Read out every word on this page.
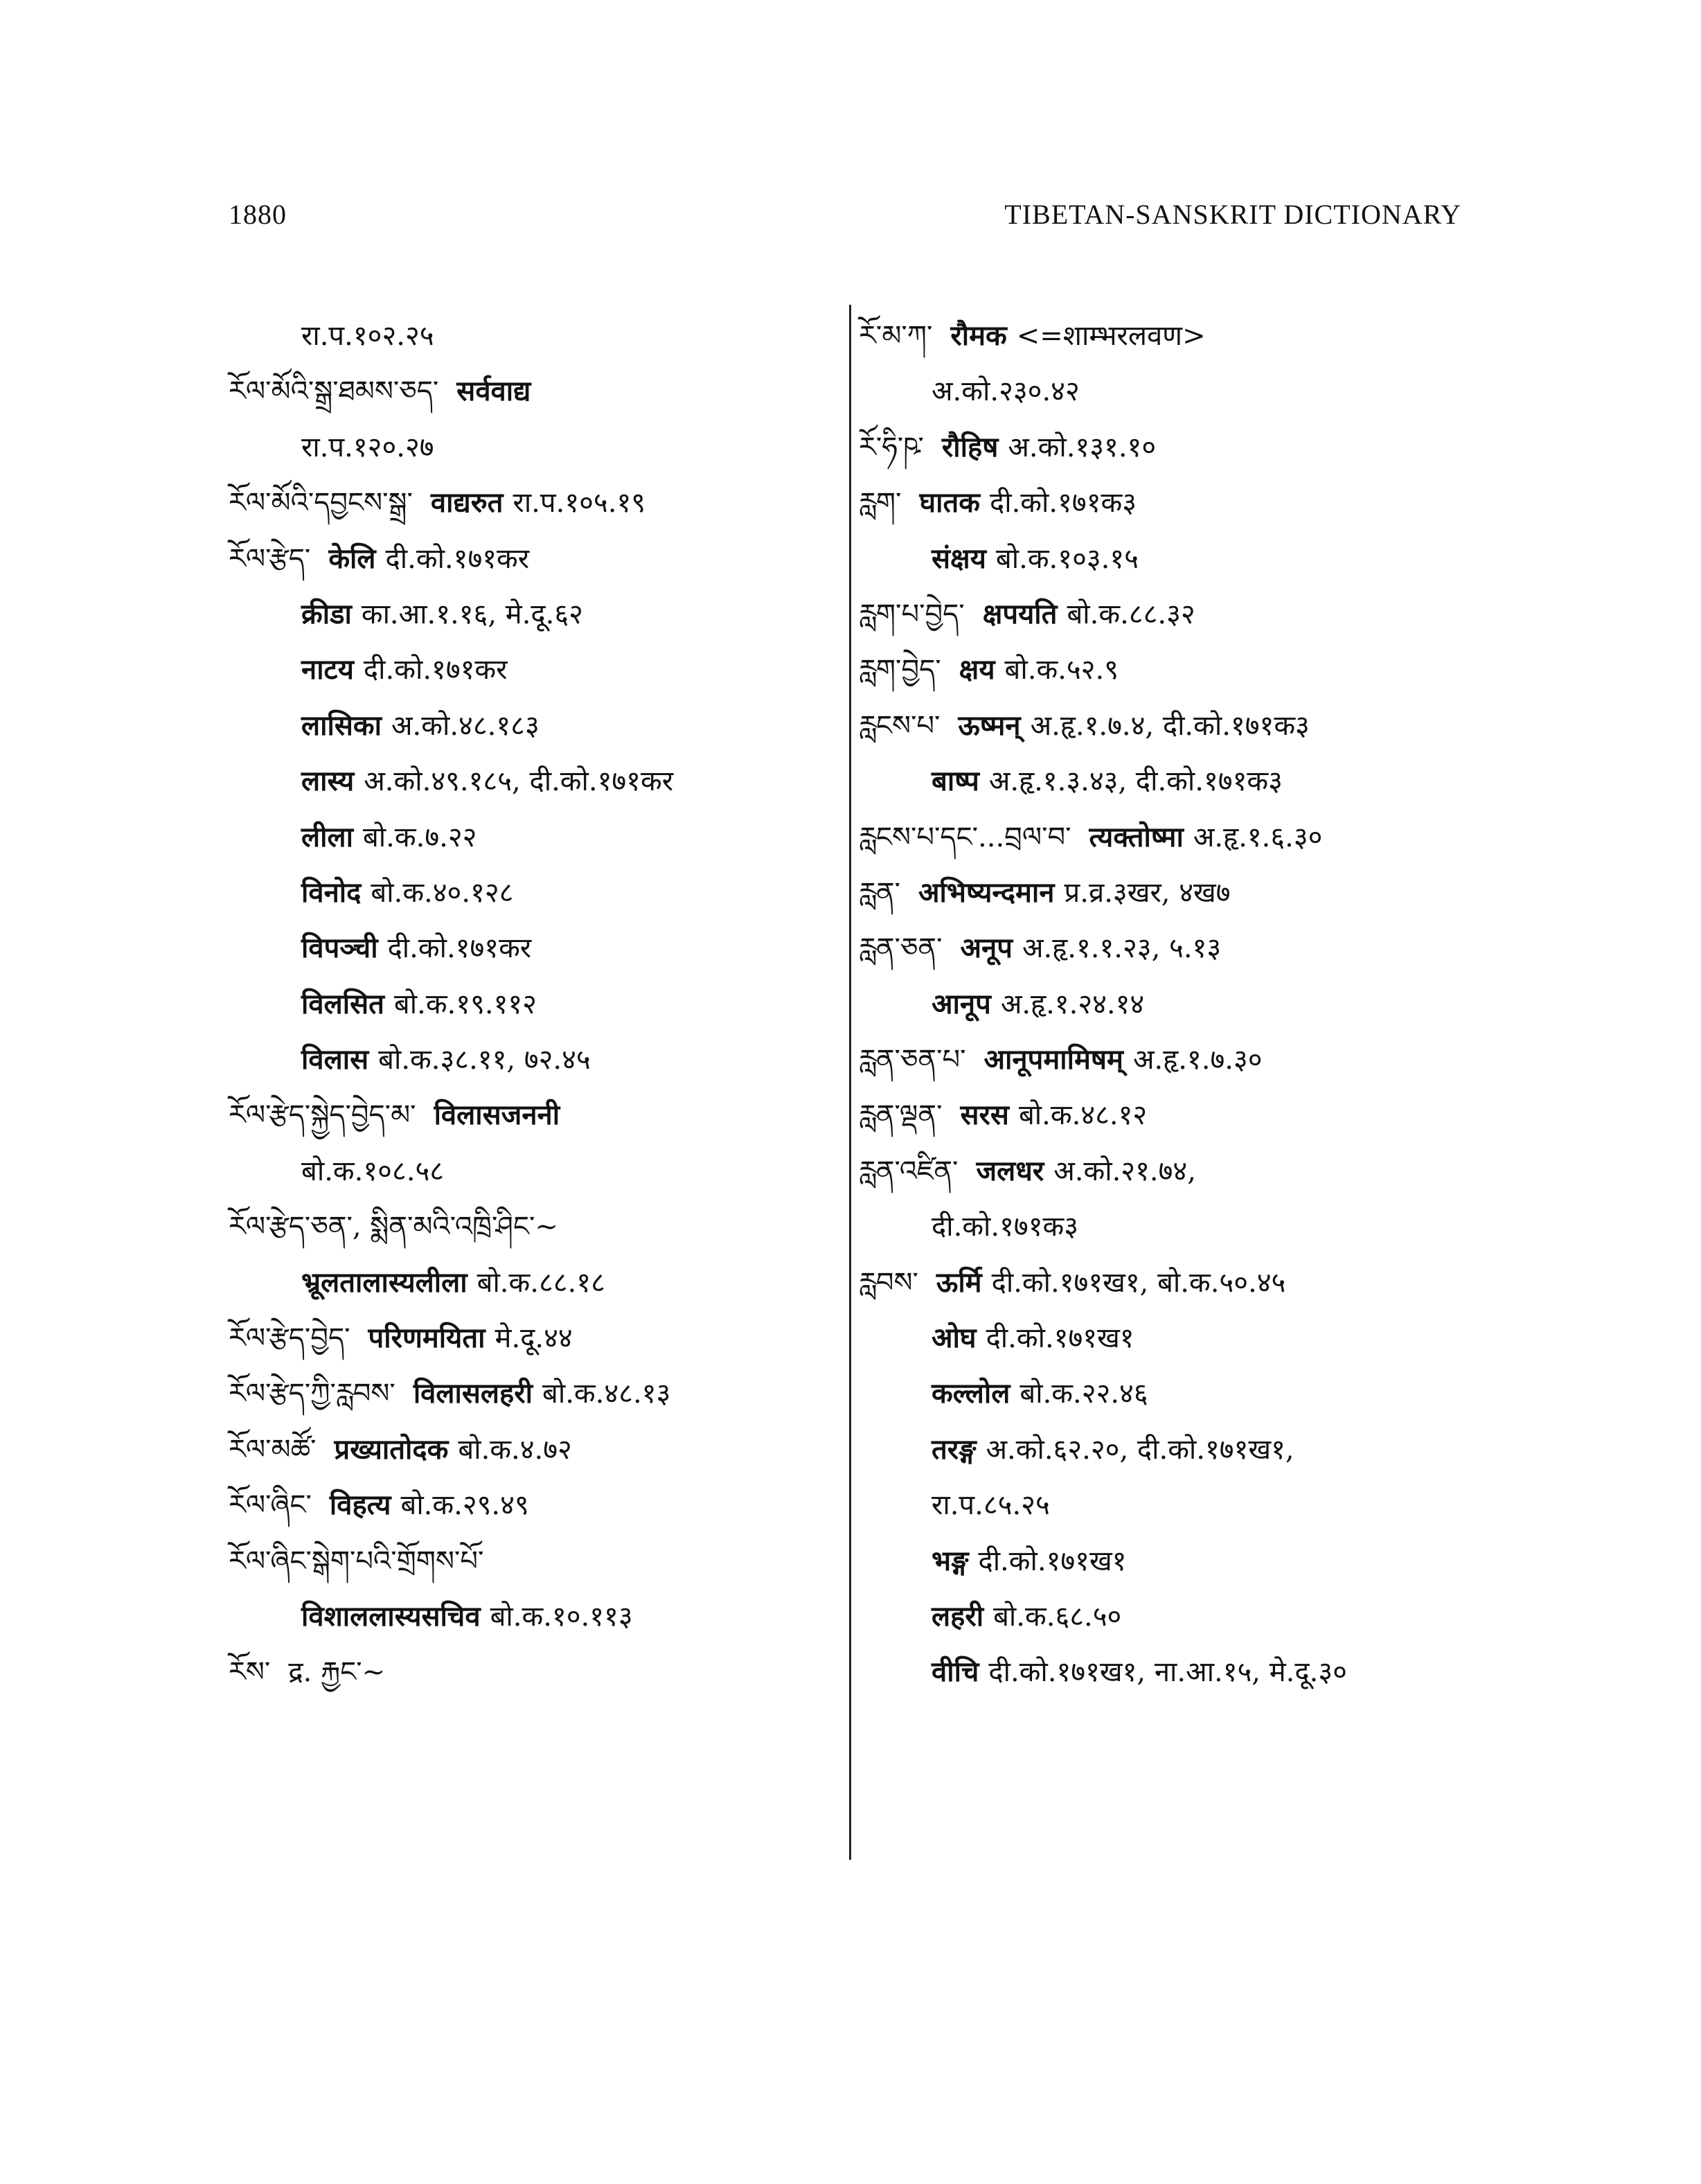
1880	TIBETAN-SANSKRIT DICTIONARY
रा.प.१०२.२५
རོལ་མོའི་སྒྲ་ཐམས་ཅད་ सर्ववाद्य
रा.प.१२०.२७
རོལ་མོའི་དབྱངས་སྒྲ་ वाद्यरुत रा.प.१०५.१९
རོལ་རྩེད་ केलि दी.को.१७१कर
क्रीडा का.आ.१.१६, मे.दू.६२
नाटय दी.को.१७१कर
लासिका अ.को.४८.१८३
लास्य अ.को.४९.१८५, दी.को.१७१कर
लीला बो.क.७.२२
विनोद बो.क.४०.१२८
विपञ्ची दी.को.१७१कर
विलसित बो.क.१९.११२
विलास बो.क.३८.११, ७२.४५
རོལ་རྩེད་སྐྱེད་བྱེད་མ་ विलासजननी
बो.क.१०८.५८
རོལ་རྩེད་ཅན་, སྨིན་མའི་འཁྲི་ཤིང་~
भ्रूलतालास्यलीला बो.क.८८.१८
རོལ་རྩེད་བྱེད་ परिणमयिता मे.दू.४४
རོལ་རྩེད་ཀྱི་རླབས་ विलासलहरी बो.क.४८.१३
རོལ་མཚོ་ प्रख्यातोदक बो.क.४.७२
རོལ་ཞིང་ विहत्य बो.क.२९.४९
རོལ་ཞིང་སྒེག་པའི་གྲོགས་པོ་
विशाललास्यसचिव बो.क.१०.११३
རོས་ द्र. རྐྱང་~
རོ་མ་ཀ་ रौमक <=शाम्भरलवण>
अ.को.२३०.४२
རོ་ཧི་ཥ་ रौहिष अ.को.१३१.१०
རླག་ घातक दी.को.१७१क३
संक्षय बो.क.१०३.१५
རླག་པ་བྱེད་ क्षपयति बो.क.८८.३२
རླག་བྱེད་ क्षय बो.क.५२.९
རླངས་པ་ ऊष्मन् अ.हृ.१.७.४, दी.को.१७१क३
बाष्प अ.हृ.१.३.४३, दी.को.१७१क३
རླངས་པ་དང་...བྲལ་བ་ त्यक्तोष्मा अ.हृ.१.६.३०
རླན་ अभिष्यन्दमान प्र.व्र.३खर, ४ख७
རླན་ཅན་ अनूप अ.हृ.१.१.२३, ५.१३
आनूप अ.हृ.१.२४.१४
རླན་ཅན་པ་ आनूपमामिषम् अ.हृ.१.७.३०
རླན་ལྡན་ सरस बो.क.४८.१२
རླན་འཛིན་ जलधर अ.को.२१.७४,
दी.को.१७१क३
རླབས་ ऊर्मि दी.को.१७१ख१, बो.क.५०.४५
ओघ दी.को.१७१ख१
कल्लोल बो.क.२२.४६
तरङ्ग अ.को.६२.२०, दी.को.१७१ख१,
रा.प.८५.२५
भङ्ग दी.को.१७१ख१
लहरी बो.क.६८.५०
वीचि दी.को.१७१ख१, ना.आ.१५, मे.दू.३०
